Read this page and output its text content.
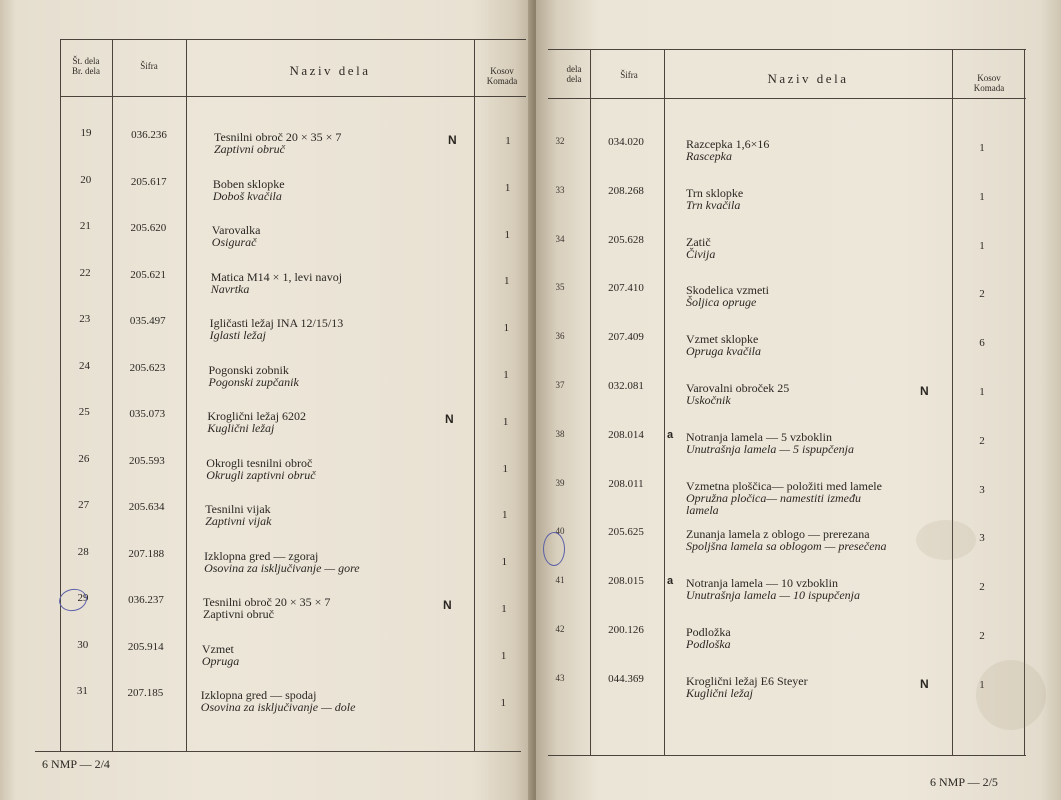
Št. dela
Br. dela	Šifra	Naziv dela	Kosov
Komada
19	036.236	Tesnilni obroč 20 × 35 × 7
Zaptivni obruč
N	1
20	205.617	Boben sklopke
Doboš kvačila
1
21	205.620	Varovalka
Osigurač
1
22	205.621	Matica M14 × 1, levi navoj
Navrtka
1
23	035.497	Igličasti ležaj INA 12/15/13
Iglasti ležaj	1
24	205.623	Pogonski zobnik
Pogonski zupčanik	1
25	035.073	Kroglični ležaj 6202
Kuglični ležaj
N	1
26	205.593	Okrogli tesnilni obroč
Okrugli zaptivni obruč	1
27	205.634	Tesnilni vijak
Zaptivni vijak	1
28	207.188	Izklopna gred — zgoraj
Osovina za isključivanje — gore	1
29	036.237	Tesnilni obroč 20 × 35 × 7
Zaptivni obruč
N	1
30	205.914	Vzmet
Opruga	1
31	207.185	Izklopna gred — spodaj
Osovina za isključivanje — dole	1
6 NMP — 2/4
dela
dela	Šifra	Naziv dela	Kosov
Komada
32	034.020	Razcepka 1,6×16
Rascepka
1
33	208.268	Trn sklopke
Trn kvačila
1
34	205.628	Zatič
Čivija
1
35	207.410	Skodelica vzmeti
Šoljica opruge
2
36	207.409	Vzmet sklopke
Opruga kvačila
6
37	032.081	Varovalni obroček 25
Uskočnik
N	1
38	208.014	a Notranja lamela — 5 vzboklin
Unutrašnja lamela — 5 ispupčenja
2
39	208.011	Vzmetna ploščica— položiti med lamele
Opružna pločica— namestiti između
lamela
3
40	205.625	Zunanja lamela z oblogo — prerezana
Spoljšna lamela sa oblogom — presečena
3
41	208.015	a Notranja lamela — 10 vzboklin
Unutrašnja lamela — 10 ispupčenja
2
42	200.126	Podložka
Podloška
2
43	044.369	Kroglični ležaj E6 Steyer
Kuglični ležaj
N	1
6 NMP — 2/5
